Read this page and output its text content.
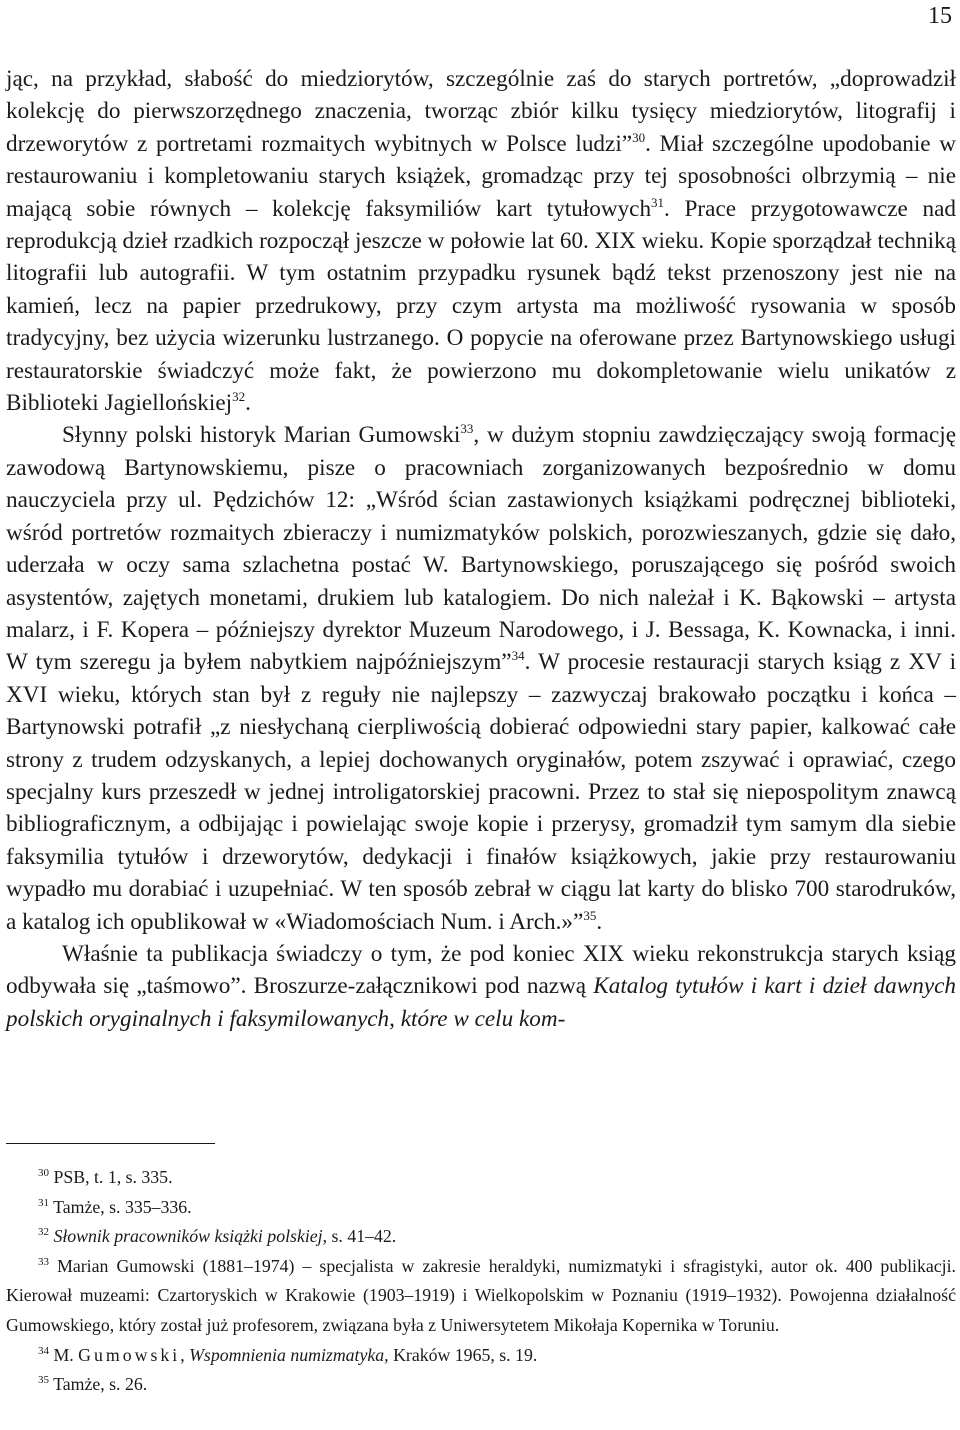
15

jąc, na przykład, słabość do miedziorytów, szczególnie zaś do starych portretów, „doprowadził kolekcję do pierwszorzędnego znaczenia, tworząc zbiór kilku tysięcy miedziorytów, litografij i drzeworytów z portretami rozmaitych wybitnych w Polsce ludzi”$^{30}$. Miał szczególne upodobanie w restaurowaniu i kompletowaniu starych książek, gromadząc przy tej sposobności olbrzymią – nie mającą sobie równych – kolekcję faksymiliów kart tytułowych$^{31}$. Prace przygotowawcze nad reprodukcją dzieł rzadkich rozpoczął jeszcze w połowie lat 60. XIX wieku. Kopie sporządzał techniką litografii lub autografii. W tym ostatnim przypadku rysunek bądź tekst przenoszony jest nie na kamień, lecz na papier przedrukowy, przy czym artysta ma możliwość rysowania w sposób tradycyjny, bez użycia wizerunku lustrzanego. O popycie na oferowane przez Bartynowskiego usługi restauratorskie świadczyć może fakt, że powierzono mu dokompletowanie wielu unikatów z Biblioteki Jagiellońskiej$^{32}$.

Słynny polski historyk Marian Gumowski$^{33}$, w dużym stopniu zawdzięczający swoją formację zawodową Bartynowskiemu, pisze o pracowniach zorganizowanych bezpośrednio w domu nauczyciela przy ul. Pędzichów 12: „Wśród ścian zastawionych książkami podręcznej biblioteki, wśród portretów rozmaitych zbieraczy i numizmatyków polskich, porozwieszanych, gdzie się dało, uderzała w oczy sama szlachetna postać W. Bartynowskiego, poruszającego się pośród swoich asystentów, zajętych monetami, drukiem lub katalogiem. Do nich należał i K. Bąkowski – artysta malarz, i F. Kopera – późniejszy dyrektor Muzeum Narodowego, i J. Bessaga, K. Kownacka, i inni. W tym szeregu ja byłem nabytkiem najpóźniejszym”$^{34}$. W procesie restauracji starych ksiąg z XV i XVI wieku, których stan był z reguły nie najlepszy – zazwyczaj brakowało początku i końca – Bartynowski potrafił „z niesłychaną cierpliwością dobierać odpowiedni stary papier, kalkować całe strony z trudem odzyskanych, a lepiej dochowanych oryginałów, potem zszywać i oprawiać, czego specjalny kurs przeszedł w jednej introligatorskiej pracowni. Przez to stał się niepospolitym znawcą bibliograficznym, a odbijając i powielając swoje kopie i przerysy, gromadził tym samym dla siebie faksymilia tytułów i drzeworytów, dedykacji i finałów książkowych, jakie przy restaurowaniu wypadło mu dorabiać i uzupełniać. W ten sposób zebrał w ciągu lat karty do blisko 700 starodruków, a katalog ich opublikował w «Wiadomościach Num. i Arch.»”$^{35}$.

Właśnie ta publikacja świadczy o tym, że pod koniec XIX wieku rekonstrukcja starych ksiąg odbywała się „taśmowo”. Broszurze-załącznikowi pod nazwą Katalog tytułów i kart i dzieł dawnych polskich oryginalnych i faksymilowanych, które w celu kom-

$^{30}$ PSB, t. 1, s. 335.

$^{31}$ Tamże, s. 335–336.

$^{32}$ Słownik pracowników książki polskiej, s. 41–42.

$^{33}$ Marian Gumowski (1881–1974) – specjalista w zakresie heraldyki, numizmatyki i sfragistyki, autor ok. 400 publikacji. Kierował muzeami: Czartoryskich w Krakowie (1903–1919) i Wielkopolskim w Poznaniu (1919–1932). Powojenna działalność Gumowskiego, który został już profesorem, związana była z Uniwersytetem Mikołaja Kopernika w Toruniu.

$^{34}$ M. Gumowski, Wspomnienia numizmatyka, Kraków 1965, s. 19.

$^{35}$ Tamże, s. 26.
